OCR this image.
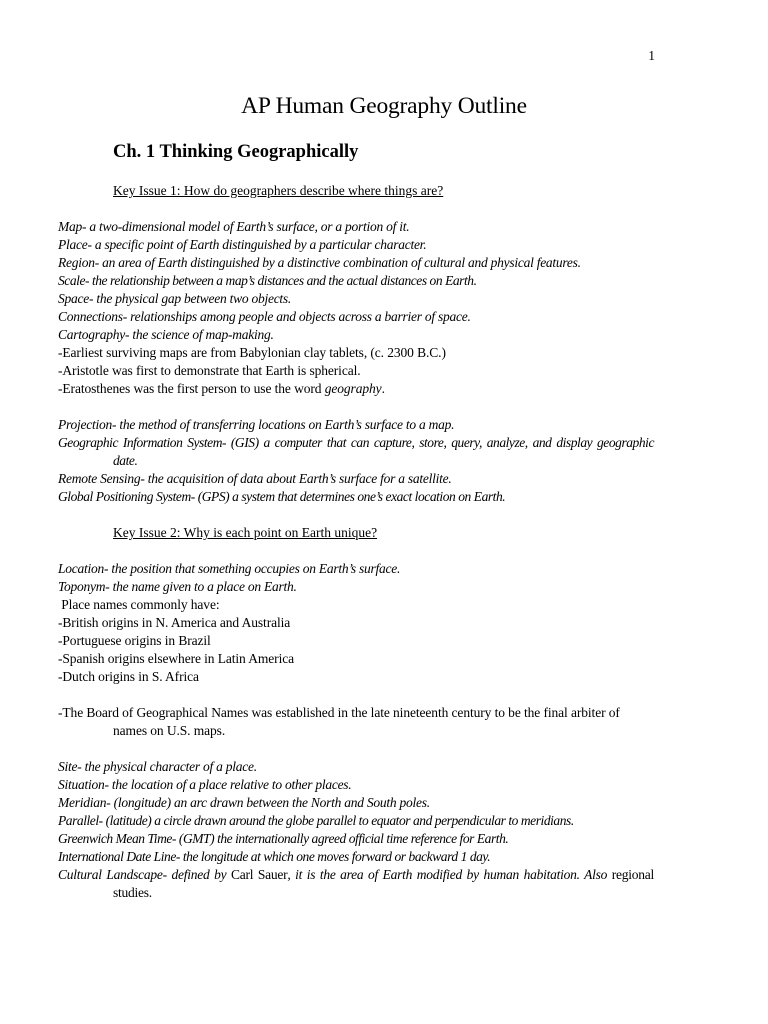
1
AP Human Geography Outline
Ch. 1 Thinking Geographically

Key Issue 1: How do geographers describe where things are?

Map- a two-dimensional model of Earth’s surface, or a portion of it.

Place- a specific point of Earth distinguished by a particular character.

Region- an area of Earth distinguished by a distinctive combination of cultural and physical features.

Scale- the relationship between a map’s distances and the actual distances on Earth.

Space- the physical gap between two objects.

Connections- relationships among people and objects across a barrier of space.

Cartography- the science of map-making.

-Earliest surviving maps are from Babylonian clay tablets, (c. 2300 B.C.)

-Aristotle was first to demonstrate that Earth is spherical.

-Eratosthenes was the first person to use the word geography.

Projection- the method of transferring locations on Earth’s surface to a map.

Geographic Information System- (GIS) a computer that can capture, store, query, analyze, and display geographic date.

Remote Sensing- the acquisition of data about Earth’s surface for a satellite.

Global Positioning System- (GPS) a system that determines one’s exact location on Earth.

Key Issue 2: Why is each point on Earth unique?

Location- the position that something occupies on Earth’s surface.

Toponym- the name given to a place on Earth.

Place names commonly have:

-British origins in N. America and Australia

-Portuguese origins in Brazil

-Spanish origins elsewhere in Latin America

-Dutch origins in S. Africa

-The Board of Geographical Names was established in the late nineteenth century to be the final arbiter of names on U.S. maps.

Site- the physical character of a place.

Situation- the location of a place relative to other places.

Meridian- (longitude) an arc drawn between the North and South poles.

Parallel- (latitude) a circle drawn around the globe parallel to equator and perpendicular to meridians.

Greenwich Mean Time- (GMT) the internationally agreed official time reference for Earth.

International Date Line- the longitude at which one moves forward or backward 1 day.

Cultural Landscape- defined by Carl Sauer, it is the area of Earth modified by human habitation. Also regional studies.
